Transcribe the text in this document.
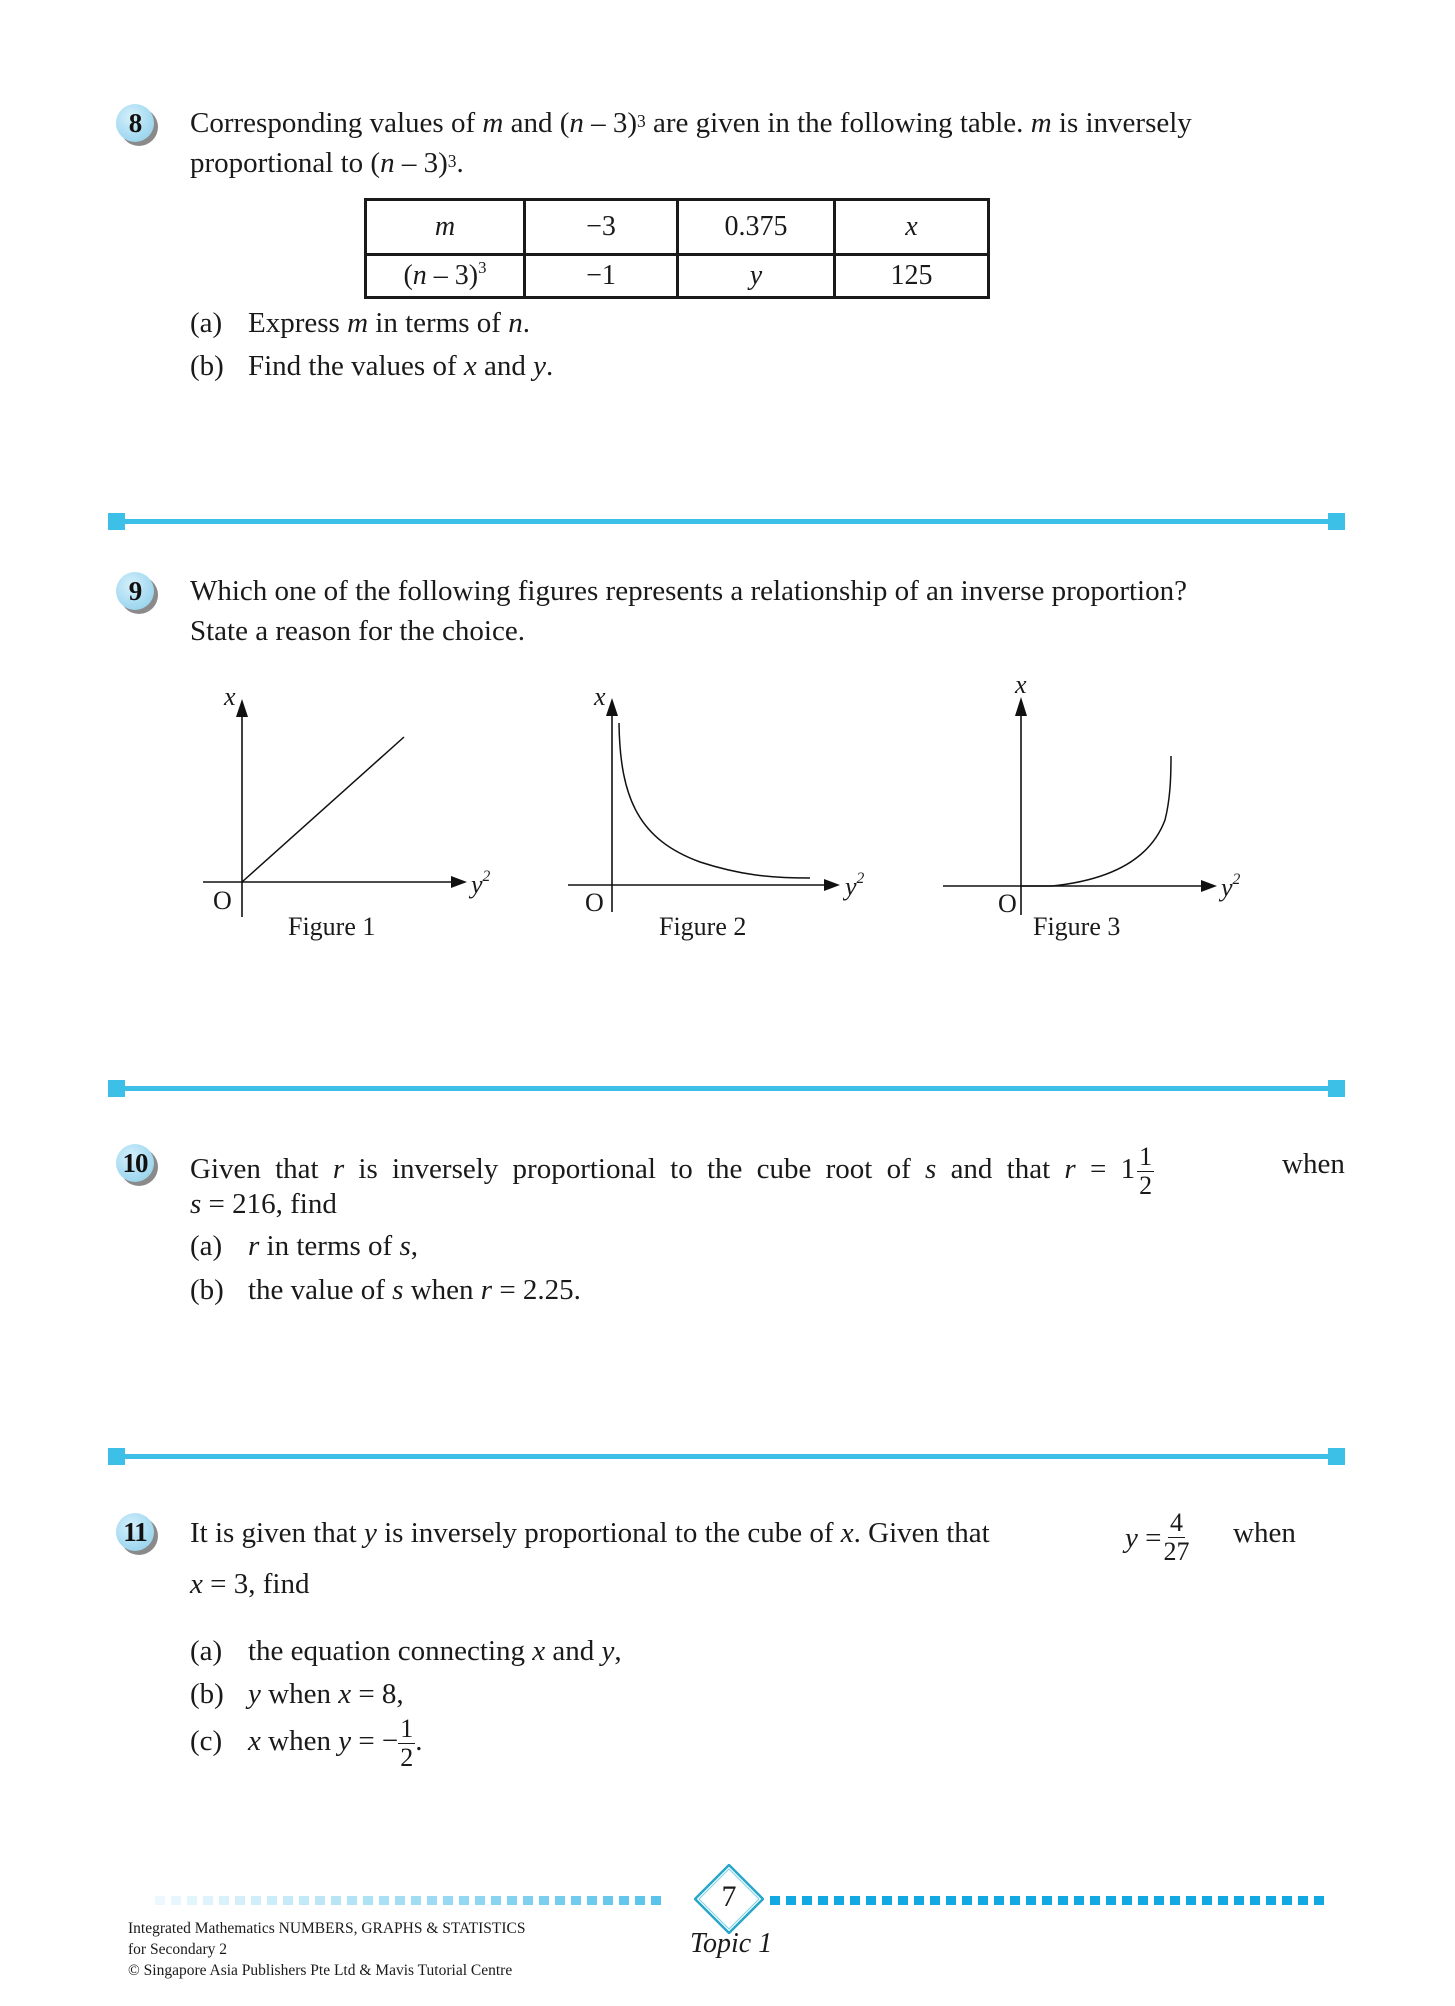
8	Corresponding values of m and (n – 3)$^3$ are given in the following table. m is inversely
proportional to (n – 3)$^3$.
m	−3	0.375	x
(n – 3)$^3$	−1	y	125
(a) Express m in terms of n.
(b) Find the values of x and y.
9	Which one of the following figures represents a relationship of an inverse proportion?
State a reason for the choice.
x
$y^2$
O
Figure 1
x
$y^2$
O
Figure 2
x
$y^2$
O
Figure 3
10 Given that r is inversely proportional to the cube root of s and that $r = 1 \frac{1}{2}$	when
s = 216, find
(a) r in terms of s,
(b) the value of s when r = 2.25.
11 It is given that y is inversely proportional to the cube of x. Given that	$y = \frac{4}{27}$ when
x = 3, find
(a) the equation connecting x and y,
(b) y when x = 8,
(c) x when y = − $\frac{1}{2}$ .
7
Topic 1
Integrated Mathematics NUMBERS, GRAPHS & STATISTICS
for Secondary 2
© Singapore Asia Publishers Pte Ltd & Mavis Tutorial Centre
